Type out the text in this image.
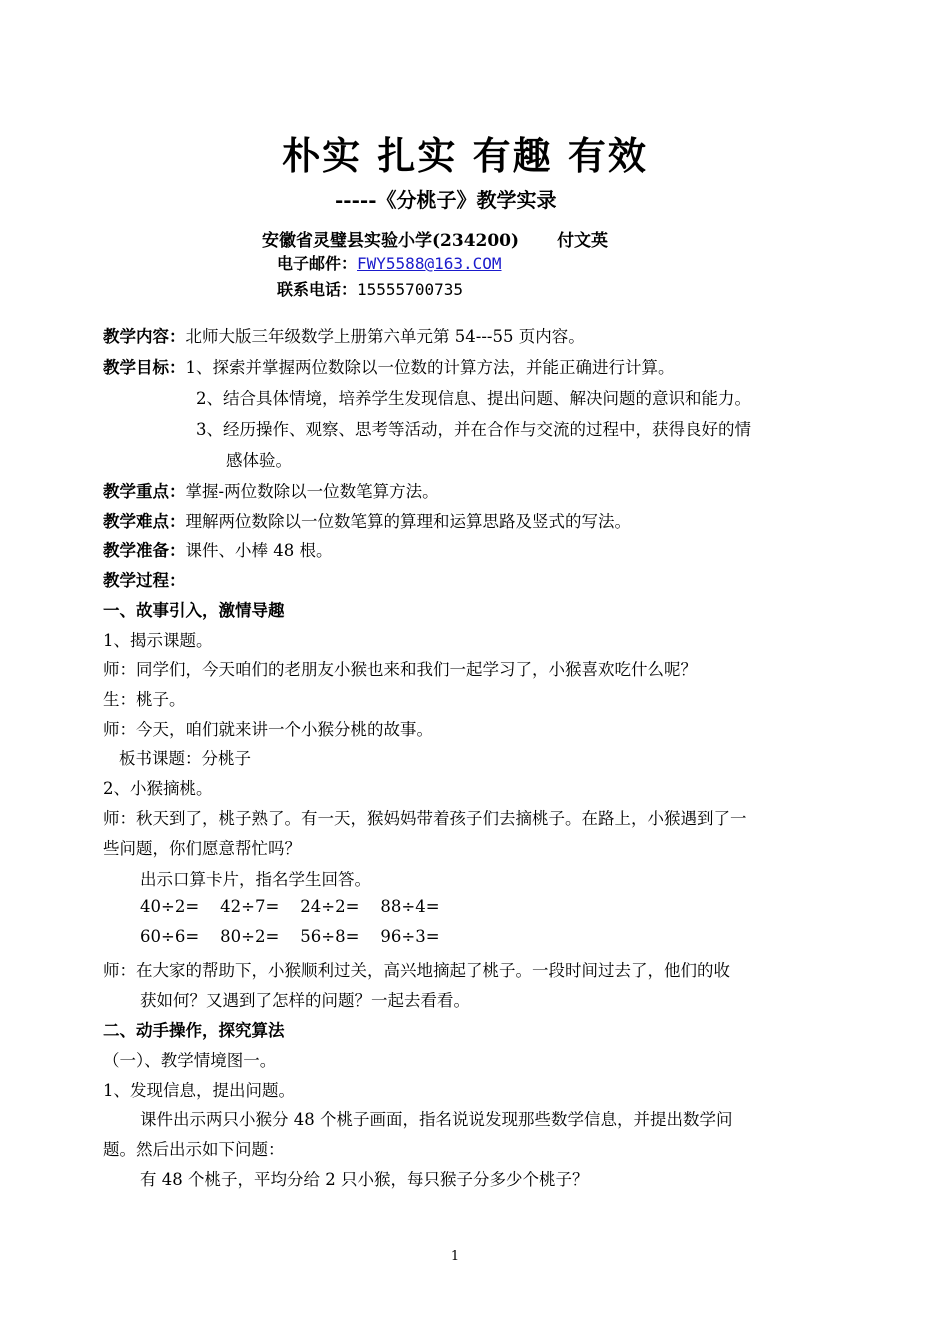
朴实 扎实 有趣 有效
-----《分桃子》教学实录
安徽省灵璧县实验小学(234200) 付文英
电子邮件：FWY5588@163.COM
联系电话：15555700735
教学内容：北师大版三年级数学上册第六单元第 54---55 页内容。
教学目标：1、探索并掌握两位数除以一位数的计算方法，并能正确进行计算。
2、结合具体情境，培养学生发现信息、提出问题、解决问题的意识和能力。
3、经历操作、观察、思考等活动，并在合作与交流的过程中，获得良好的情
感体验。
教学重点：掌握-两位数除以一位数笔算方法。
教学难点：理解两位数除以一位数笔算的算理和运算思路及竖式的写法。
教学准备：课件、小棒 48 根。
教学过程：
一、故事引入，激情导趣
1、揭示课题。
师：同学们，今天咱们的老朋友小猴也来和我们一起学习了，小猴喜欢吃什么呢？
生：桃子。
师：今天，咱们就来讲一个小猴分桃的故事。
板书课题：分桃子
2、小猴摘桃。
师：秋天到了，桃子熟了。有一天，猴妈妈带着孩子们去摘桃子。在路上，小猴遇到了一
些问题，你们愿意帮忙吗？
出示口算卡片，指名学生回答。
40÷2=    42÷7=    24÷2=    88÷4=
60÷6=    80÷2=    56÷8=    96÷3=
师：在大家的帮助下，小猴顺利过关，高兴地摘起了桃子。一段时间过去了，他们的收
获如何？又遇到了怎样的问题？一起去看看。
二、动手操作，探究算法
（一）、教学情境图一。
1、发现信息，提出问题。
课件出示两只小猴分 48 个桃子画面，指名说说发现那些数学信息，并提出数学问
题。然后出示如下问题：
有 48 个桃子，平均分给 2 只小猴，每只猴子分多少个桃子？
1
